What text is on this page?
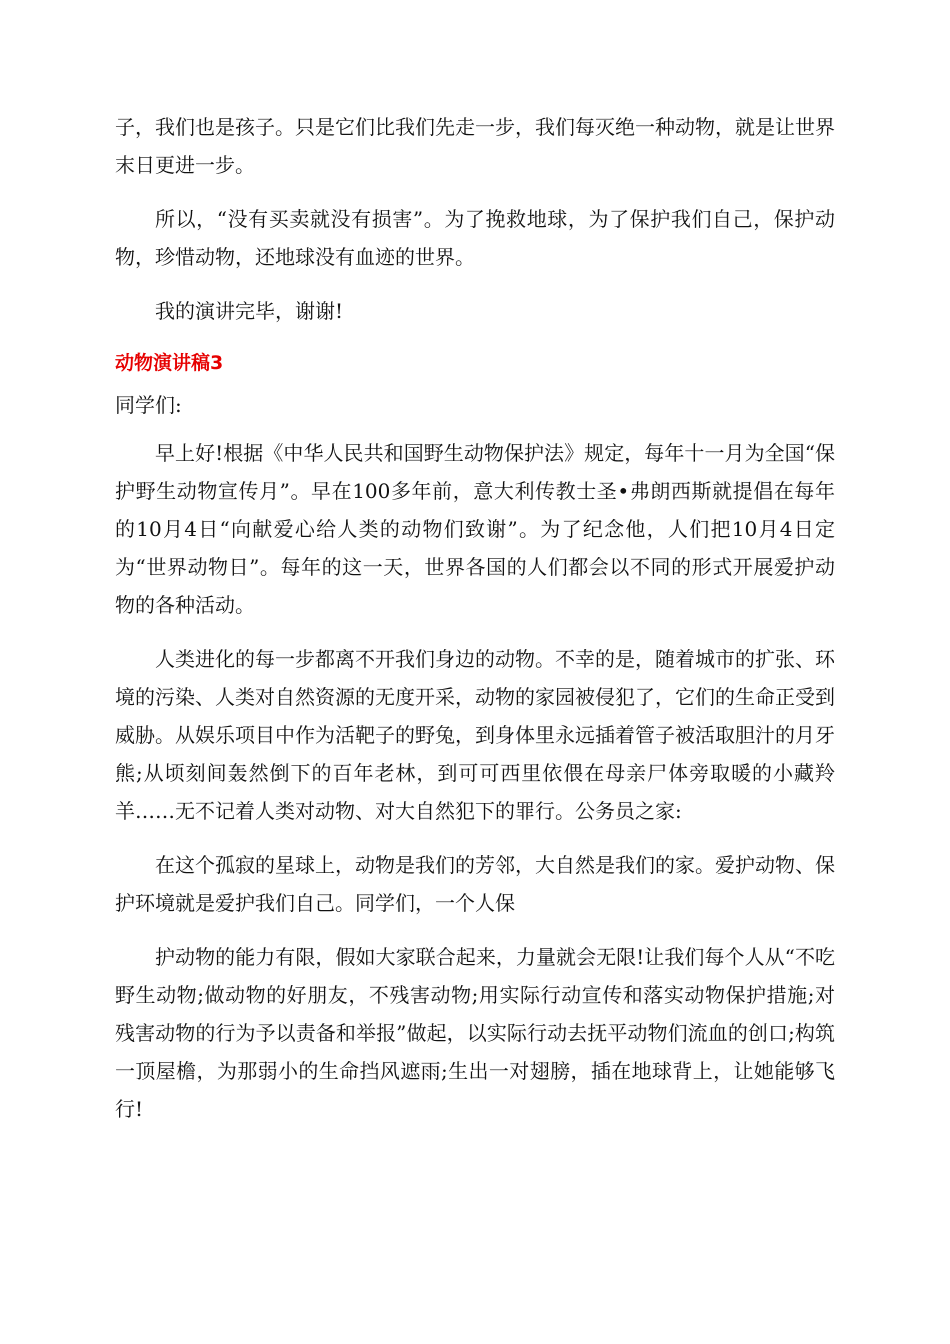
子，我们也是孩子。只是它们比我们先走一步，我们每灭绝一种动物，就是让世界末日更进一步。

所以，“没有买卖就没有损害”。为了挽救地球，为了保护我们自己，保护动物，珍惜动物，还地球没有血迹的世界。

我的演讲完毕，谢谢!

动物演讲稿3

同学们:

早上好!根据《中华人民共和国野生动物保护法》规定，每年十一月为全国“保护野生动物宣传月”。早在100多年前，意大利传教士圣•弗朗西斯就提倡在每年的10月4日“向献爱心给人类的动物们致谢”。为了纪念他，人们把10月4日定为“世界动物日”。每年的这一天，世界各国的人们都会以不同的形式开展爱护动物的各种活动。

人类进化的每一步都离不开我们身边的动物。不幸的是，随着城市的扩张、环境的污染、人类对自然资源的无度开采，动物的家园被侵犯了，它们的生命正受到威胁。从娱乐项目中作为活靶子的野兔，到身体里永远插着管子被活取胆汁的月牙熊;从顷刻间轰然倒下的百年老林，到可可西里依偎在母亲尸体旁取暖的小藏羚羊……无不记着人类对动物、对大自然犯下的罪行。公务员之家:

在这个孤寂的星球上，动物是我们的芳邻，大自然是我们的家。爱护动物、保护环境就是爱护我们自己。同学们，一个人保

护动物的能力有限，假如大家联合起来，力量就会无限!让我们每个人从“不吃野生动物;做动物的好朋友，不残害动物;用实际行动宣传和落实动物保护措施;对残害动物的行为予以责备和举报”做起，以实际行动去抚平动物们流血的创口;构筑一顶屋檐，为那弱小的生命挡风遮雨;生出一对翅膀，插在地球背上，让她能够飞行!
